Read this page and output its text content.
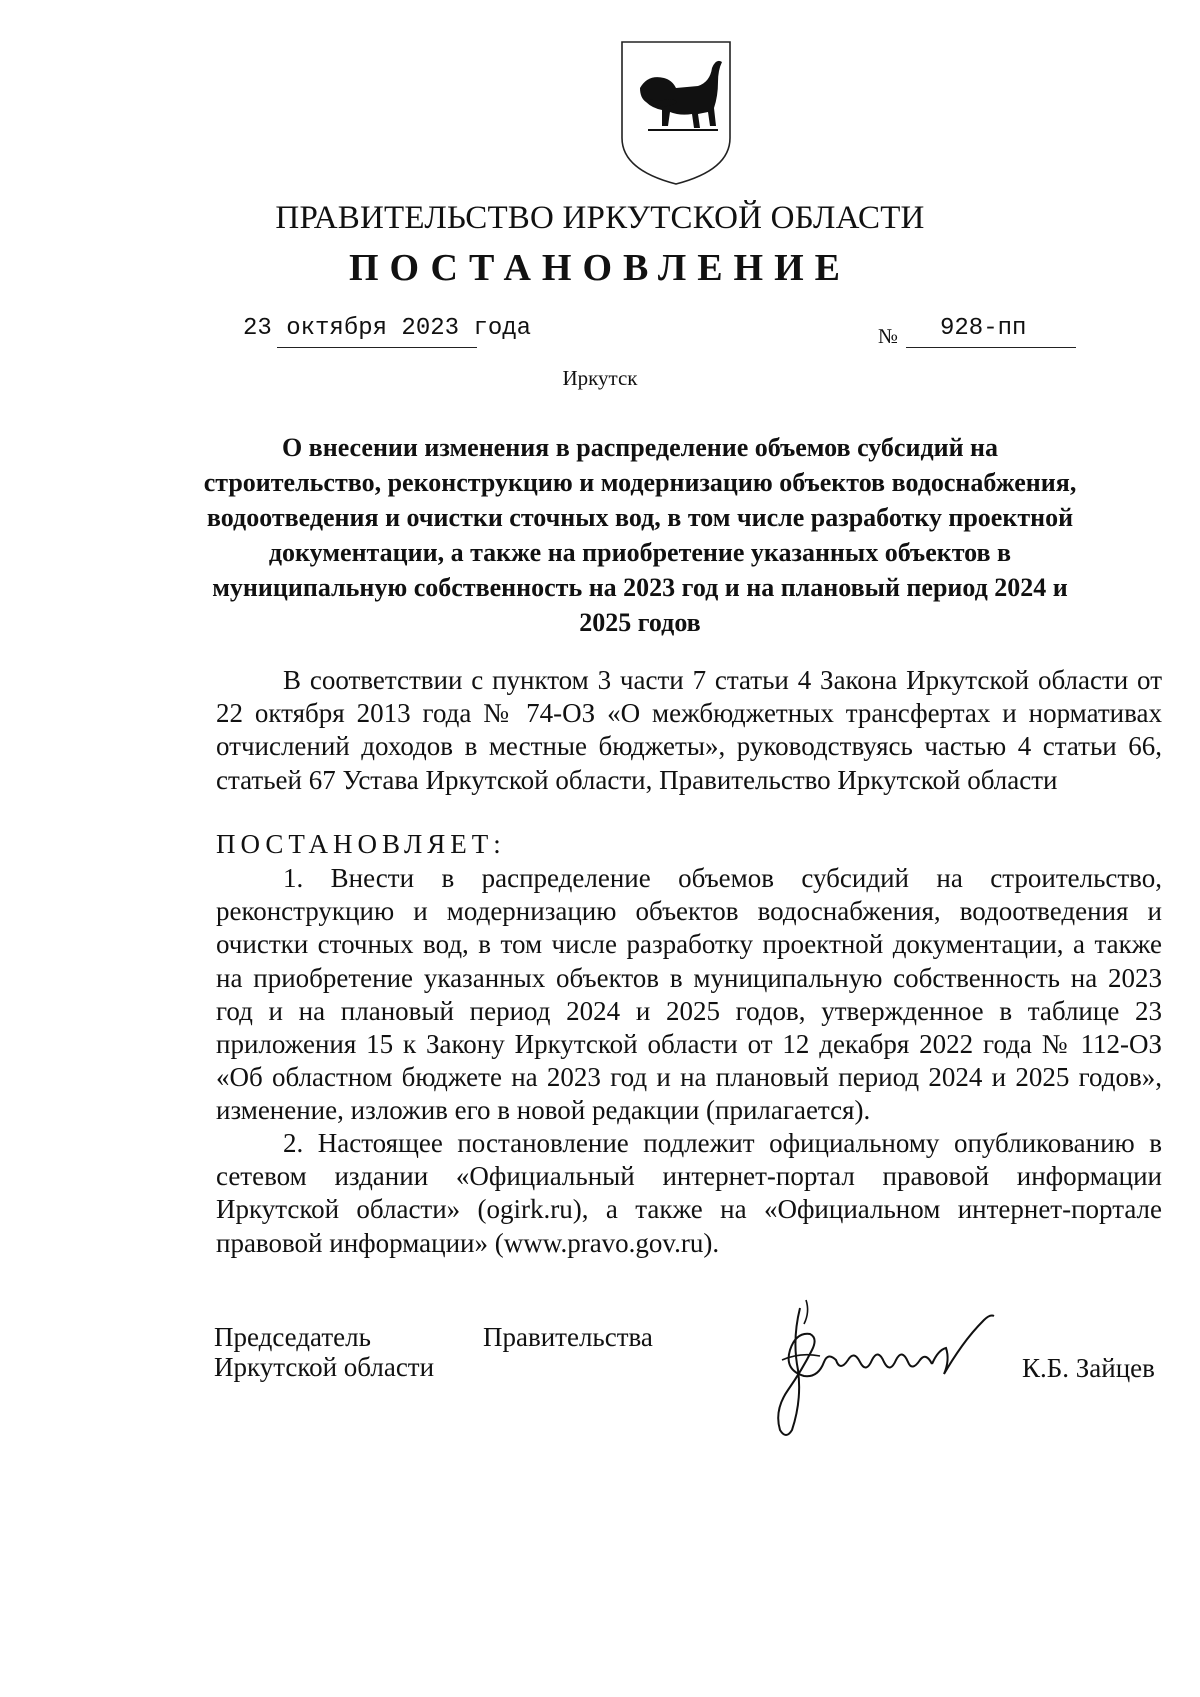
ПРАВИТЕЛЬСТВО ИРКУТСКОЙ ОБЛАСТИ
ПОСТАНОВЛЕНИЕ
23 октября 2023 года	№ 928-пп
Иркутск
О внесении изменения в распределение объемов субсидий на строительство, реконструкцию и модернизацию объектов водоснабжения, водоотведения и очистки сточных вод, в том числе разработку проектной документации, а также на приобретение указанных объектов в муниципальную собственность на 2023 год и на плановый период 2024 и 2025 годов
В соответствии с пунктом 3 части 7 статьи 4 Закона Иркутской области от 22 октября 2013 года № 74-ОЗ «О межбюджетных трансфертах и нормативах отчислений доходов в местные бюджеты», руководствуясь частью 4 статьи 66, статьей 67 Устава Иркутской области, Правительство Иркутской области
ПОСТАНОВЛЯЕТ:
1. Внести в распределение объемов субсидий на строительство, реконструкцию и модернизацию объектов водоснабжения, водоотведения и очистки сточных вод, в том числе разработку проектной документации, а также на приобретение указанных объектов в муниципальную собственность на 2023 год и на плановый период 2024 и 2025 годов, утвержденное в таблице 23 приложения 15 к Закону Иркутской области от 12 декабря 2022 года № 112-ОЗ «Об областном бюджете на 2023 год и на плановый период 2024 и 2025 годов», изменение, изложив его в новой редакции (прилагается).
2. Настоящее постановление подлежит официальному опубликованию в сетевом издании «Официальный интернет-портал правовой информации Иркутской области» (ogirk.ru), а также на «Официальном интернет-портале правовой информации» (www.pravo.gov.ru).
Председатель	Правительства
Иркутской области	К.Б. Зайцев
